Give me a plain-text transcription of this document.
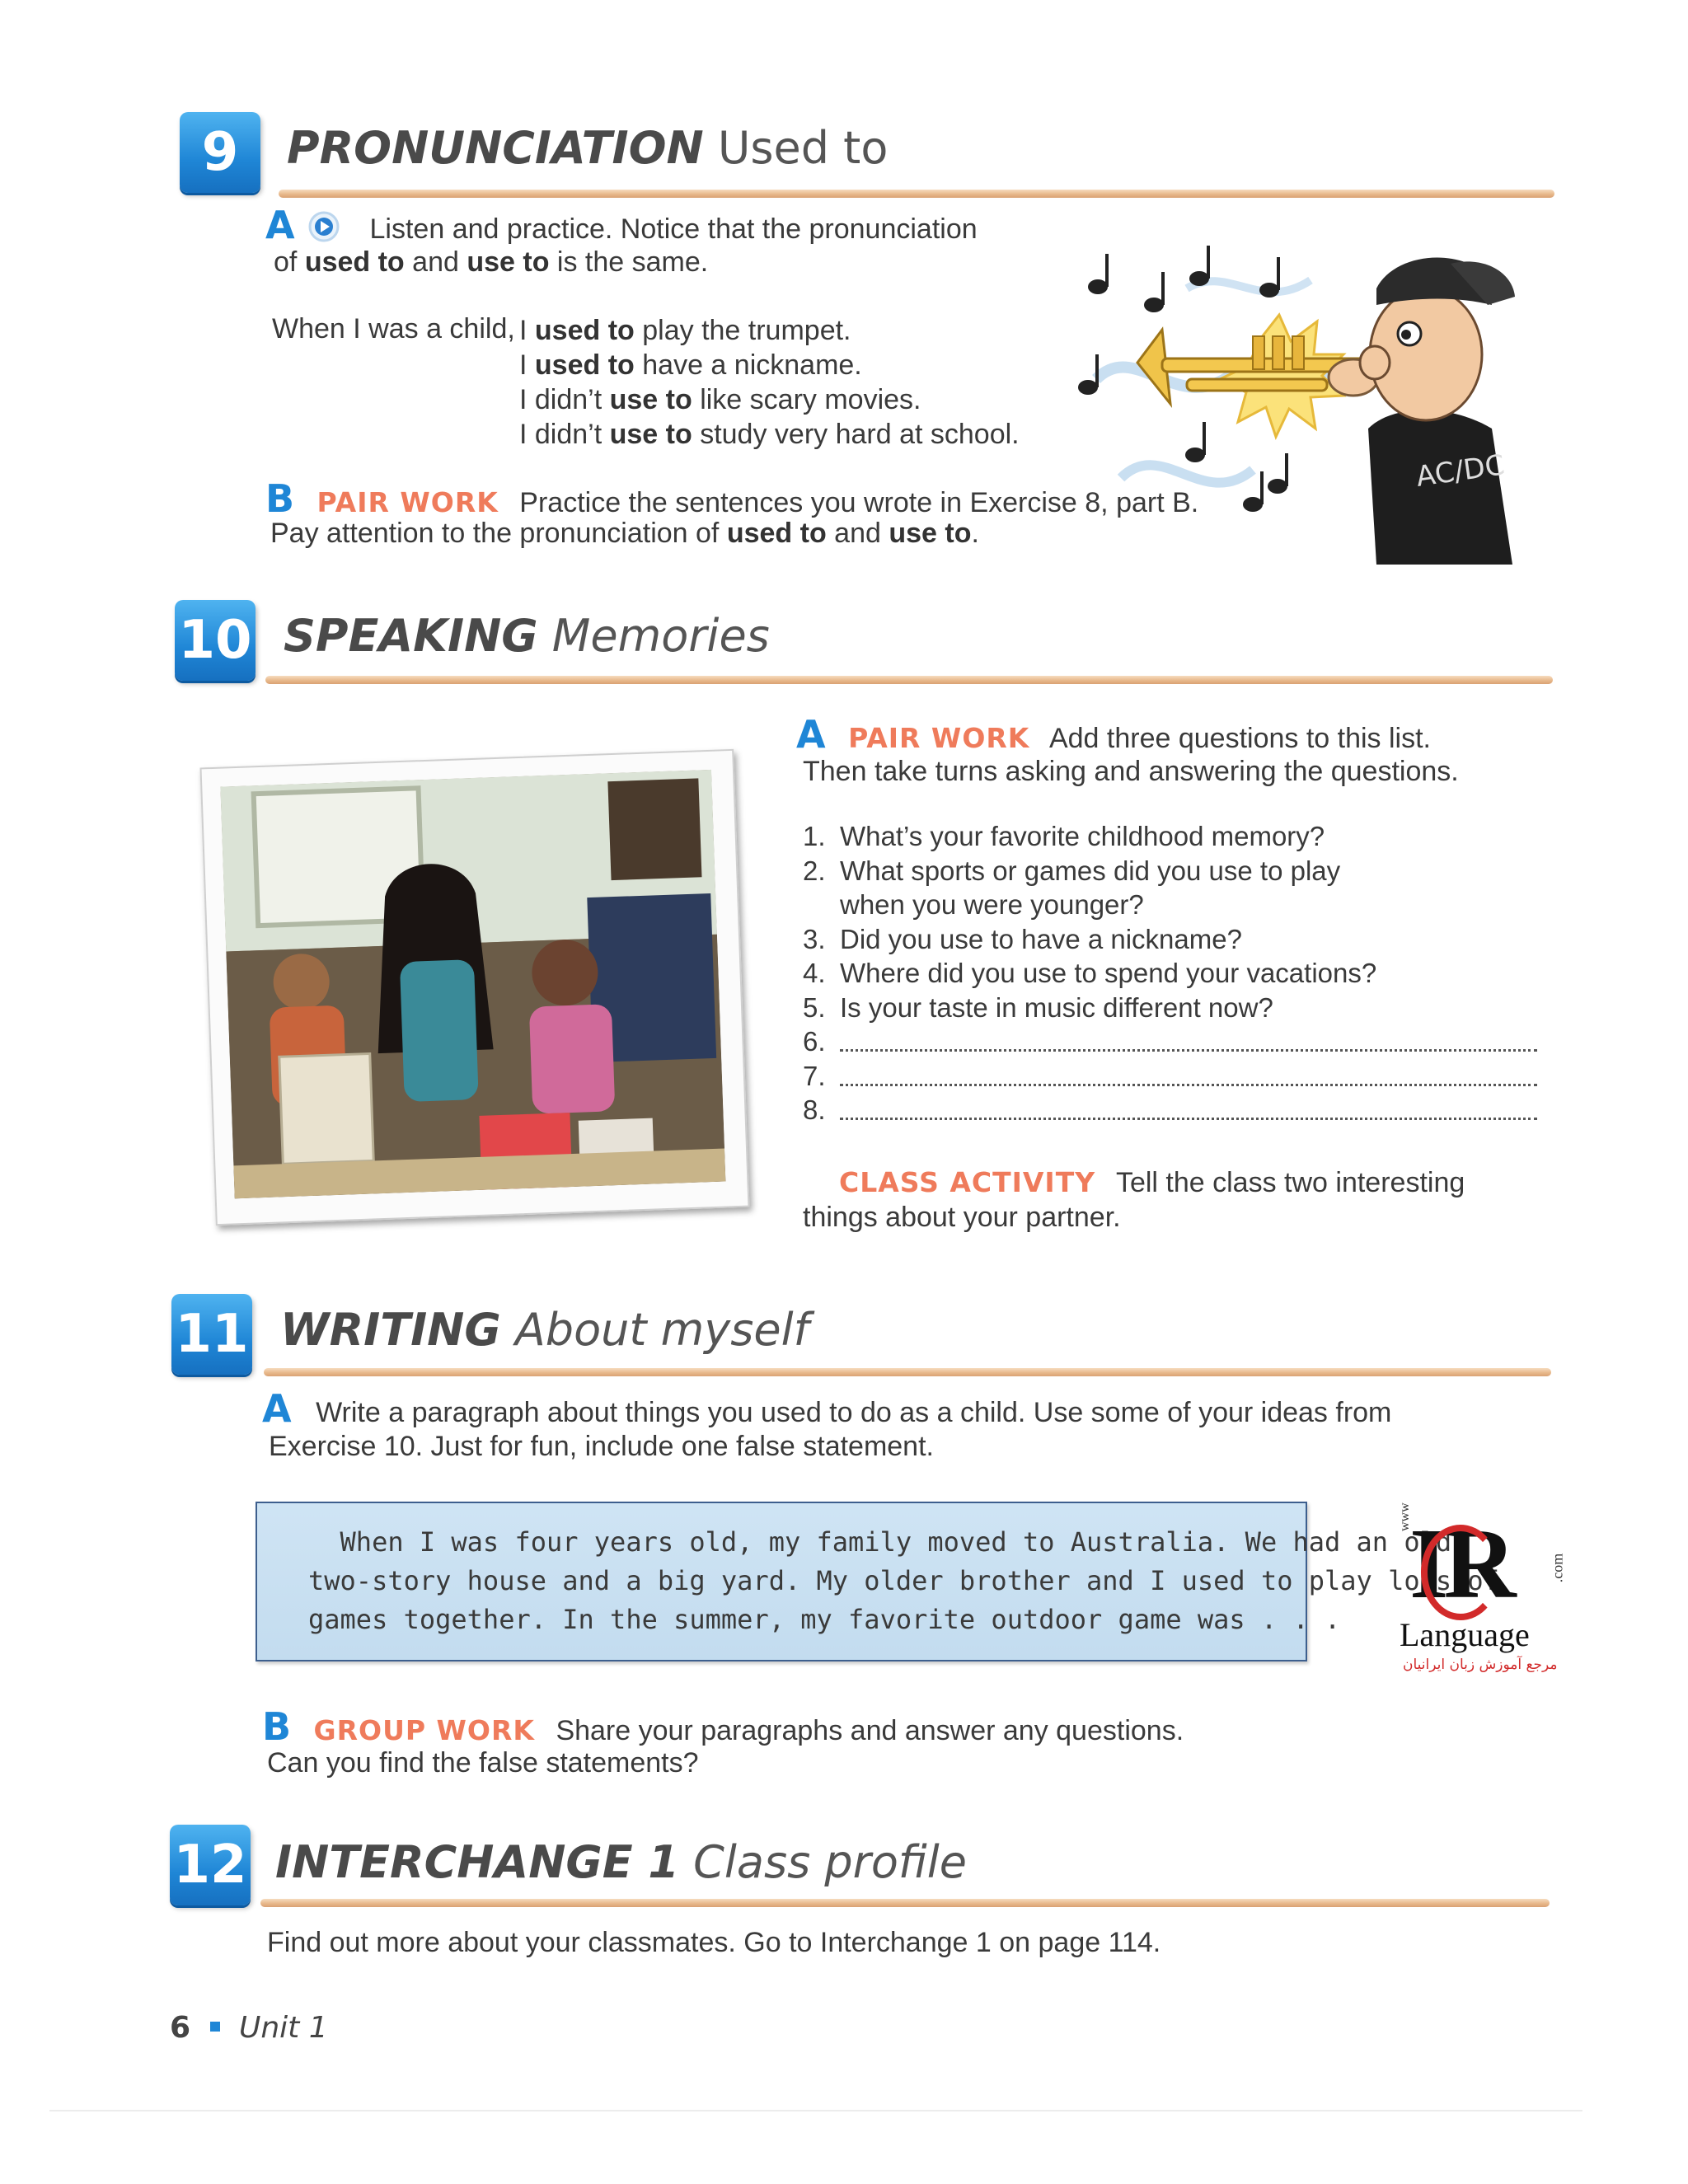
9 PRONUNCIATION Used to
A	Listen and practice. Notice that the pronunciation
of used to and use to is the same.
When I was a child, I used to play the trumpet.
I used to have a nickname.
I didn’t use to like scary movies.
I didn’t use to study very hard at school.
B PAIR WORK Practice the sentences you wrote in Exercise 8, part B.
Pay attention to the pronunciation of used to and use to.
AC/DC
10 SPEAKING Memories
A PAIR WORK Add three questions to this list.
Then take turns asking and answering the questions.
1. What’s your favorite childhood memory?
2. What sports or games did you use to play
when you were younger?
3. Did you use to have a nickname?
4. Where did you use to spend your vacations?
5. Is your taste in music different now?
6.
7.
8.
CLASS ACTIVITY Tell the class two interesting
things about your partner.
11 WRITING About myself
A Write a paragraph about things you used to do as a child. Use some of your ideas from
Exercise 10. Just for fun, include one false statement.
When I was four years old, my family moved to Australia. We had an old
two-story house and a big yard. My older brother and I used to play lots of
games together. In the summer, my favorite outdoor game was . . .
www
IR	.com
Language
مرجع آموزش زبان ایرانیان
B GROUP WORK Share your paragraphs and answer any questions.
Can you find the false statements?
12 INTERCHANGE 1 Class profile
Find out more about your classmates. Go to Interchange 1 on page 114.
6 Unit 1
